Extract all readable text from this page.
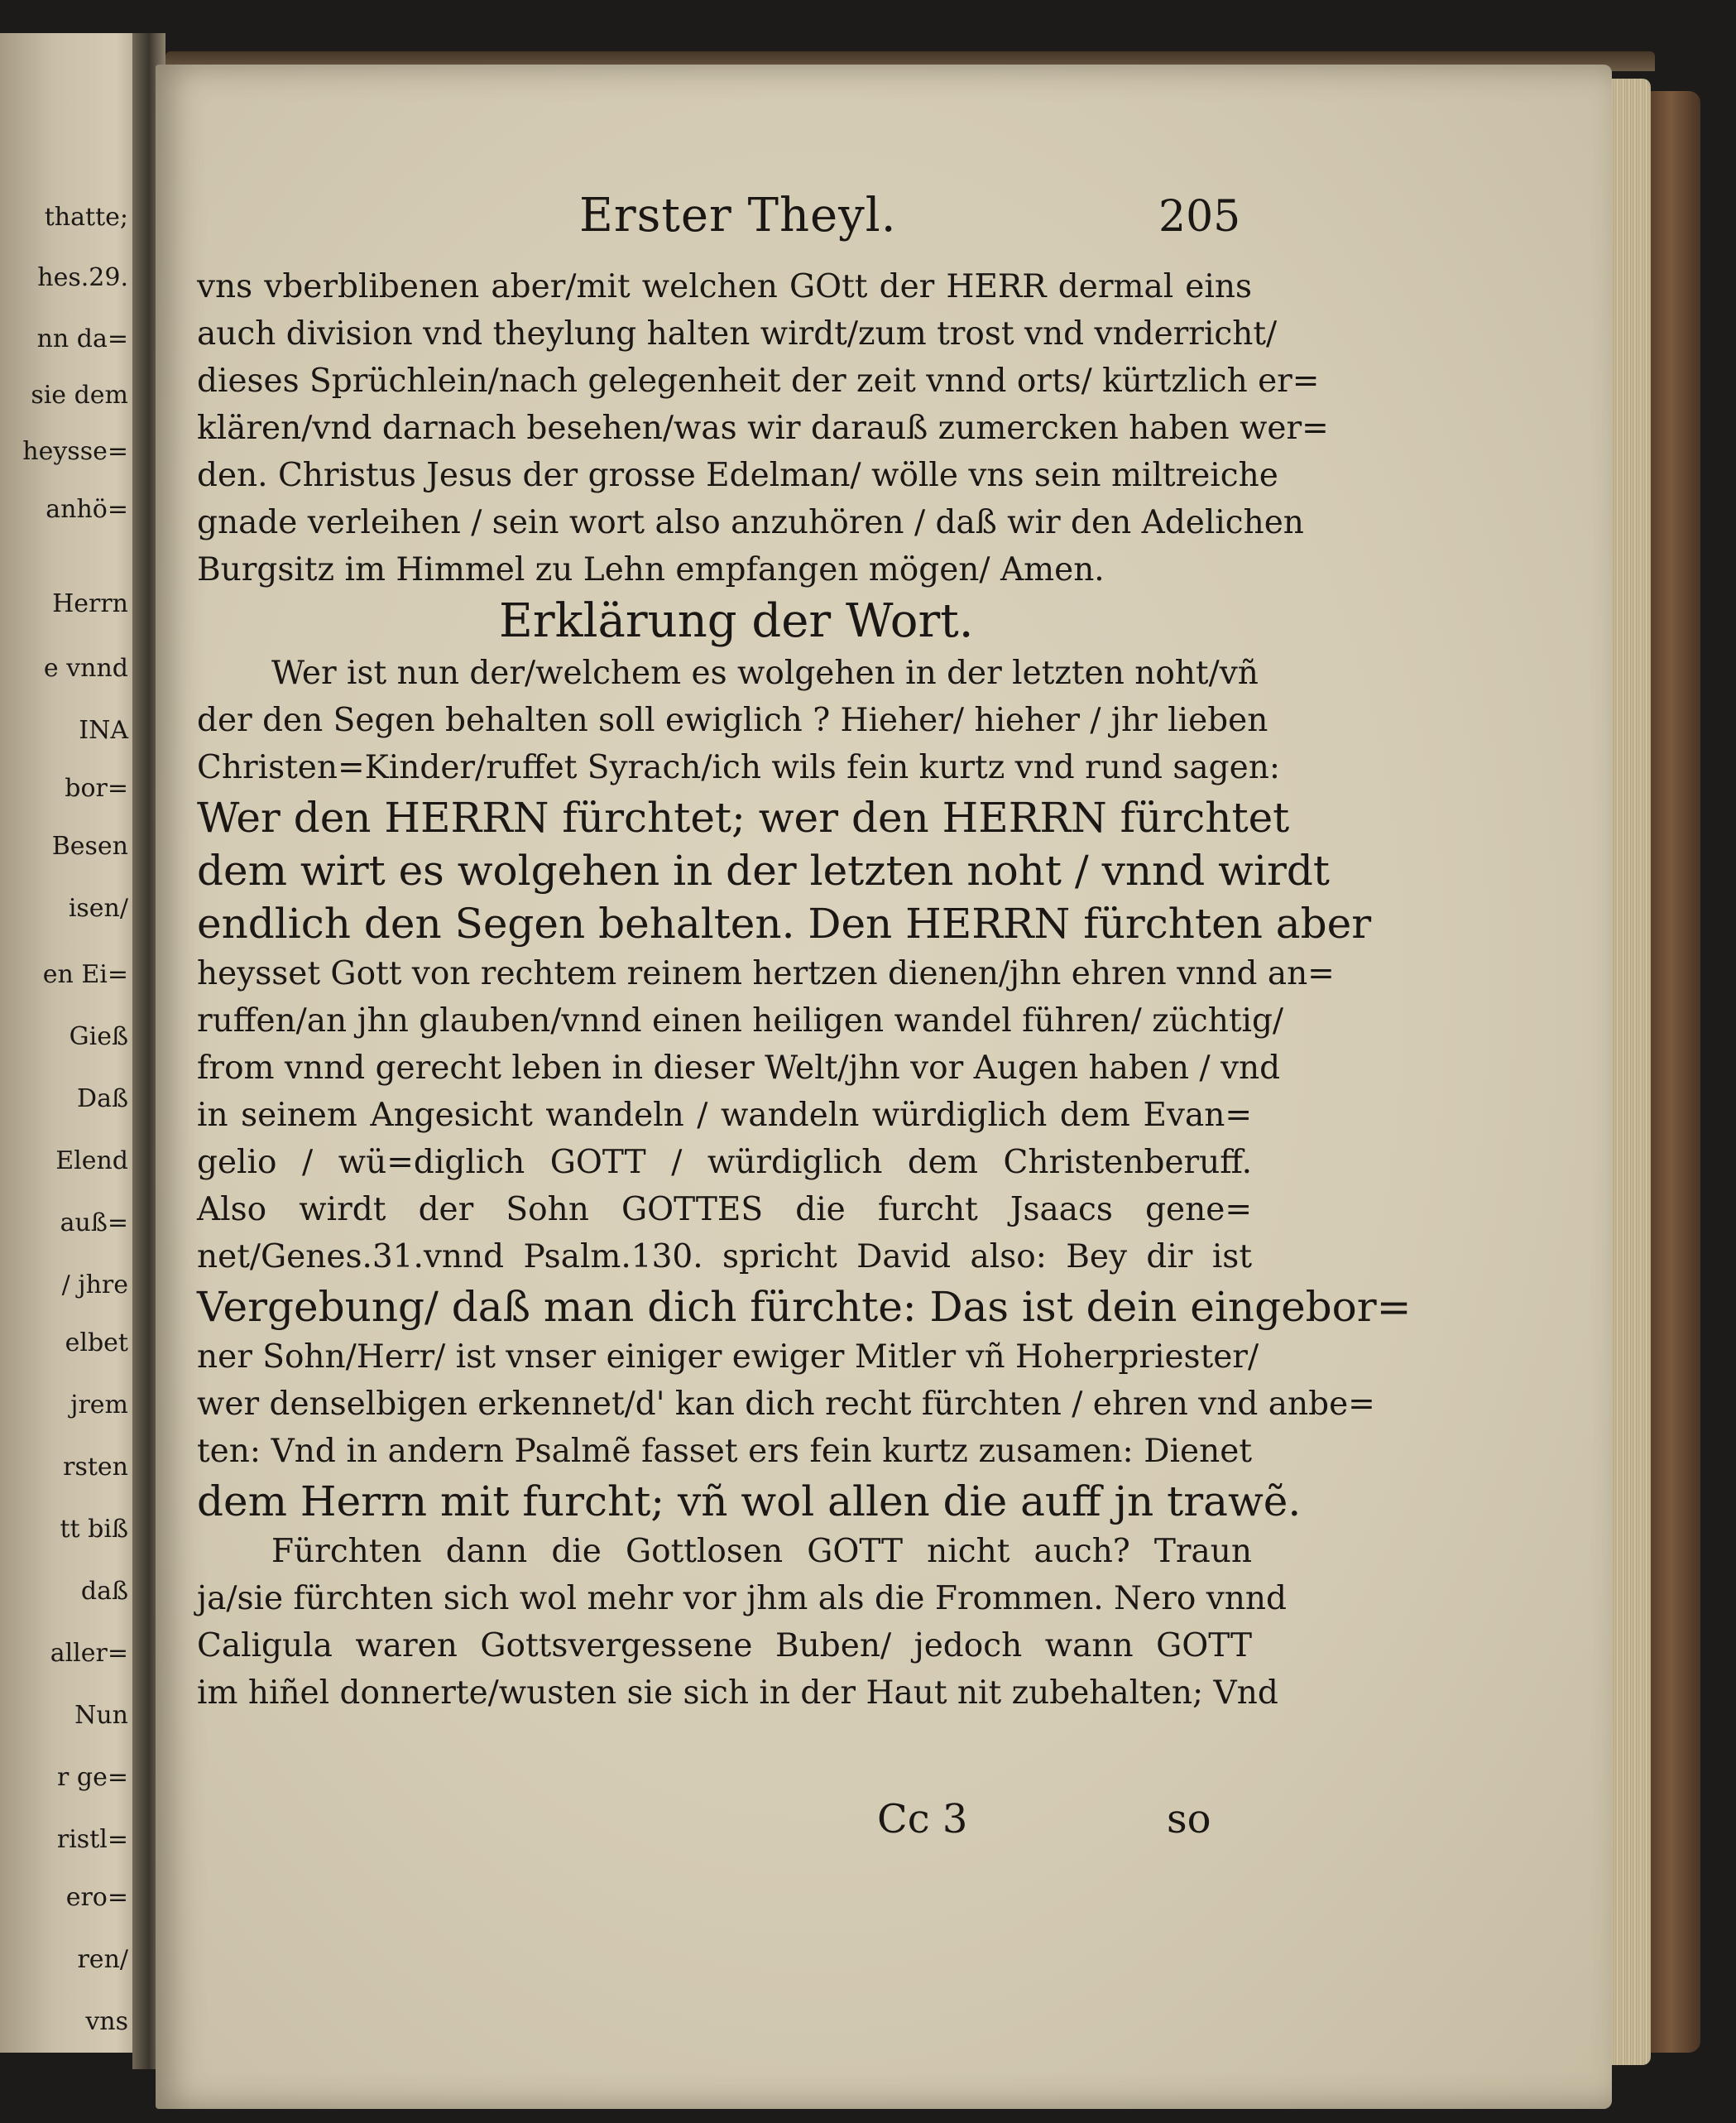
thatte;
hes.29.
nn da=
sie dem
heysse=
anhö=
Herrn
e vnnd
INA
bor=
Besen
isen/
en Ei=
Gieß
Daß
Elend
auß=
/ jhre
elbet
jrem
rsten
tt biß
daß
aller=
Nun
r ge=
ristl=
ero=
ren/
vns
Erster Theyl.	205
vns vberblibenen aber/mit welchen GOtt der HERR dermal eins
auch division vnd theylung halten wirdt/zum trost vnd vnderricht/
dieses Sprüchlein/nach gelegenheit der zeit vnnd orts/ kürtzlich er=
klären/vnd darnach besehen/was wir darauß zumercken haben wer=
den. Christus Jesus der grosse Edelman/ wölle vns sein miltreiche
gnade verleihen / sein wort also anzuhören / daß wir den Adelichen
Burgsitz im Himmel zu Lehn empfangen mögen/ Amen.
Erklärung der Wort.
Wer ist nun der/welchem es wolgehen in der letzten noht/vñ
der den Segen behalten soll ewiglich ? Hieher/ hieher / jhr lieben
Christen=Kinder/ruffet Syrach/ich wils fein kurtz vnd rund sagen:
Wer den HERRN fürchtet; wer den HERRN fürchtet
dem wirt es wolgehen in der letzten noht / vnnd wirdt
endlich den Segen behalten. Den HERRN fürchten aber
heysset Gott von rechtem reinem hertzen dienen/jhn ehren vnnd an=
ruffen/an jhn glauben/vnnd einen heiligen wandel führen/ züchtig/
from vnnd gerecht leben in dieser Welt/jhn vor Augen haben / vnd
in seinem Angesicht wandeln / wandeln würdiglich dem Evan=
gelio / wü=diglich GOTT / würdiglich dem Christenberuff.
Also wirdt der Sohn GOTTES die furcht Jsaacs gene=
net/Genes.31.vnnd Psalm.130. spricht David also: Bey dir ist
Vergebung/ daß man dich fürchte: Das ist dein eingebor=
ner Sohn/Herr/ ist vnser einiger ewiger Mitler vñ Hoherpriester/
wer denselbigen erkennet/d' kan dich recht fürchten / ehren vnd anbe=
ten: Vnd in andern Psalmẽ fasset ers fein kurtz zusamen: Dienet
dem Herrn mit furcht; vñ wol allen die auff jn trawẽ.
Fürchten dann die Gottlosen GOTT nicht auch? Traun
ja/sie fürchten sich wol mehr vor jhm als die Frommen. Nero vnnd
Caligula waren Gottsvergessene Buben/ jedoch wann GOTT
im hiñel donnerte/wusten sie sich in der Haut nit zubehalten; Vnd
Cc 3	so
